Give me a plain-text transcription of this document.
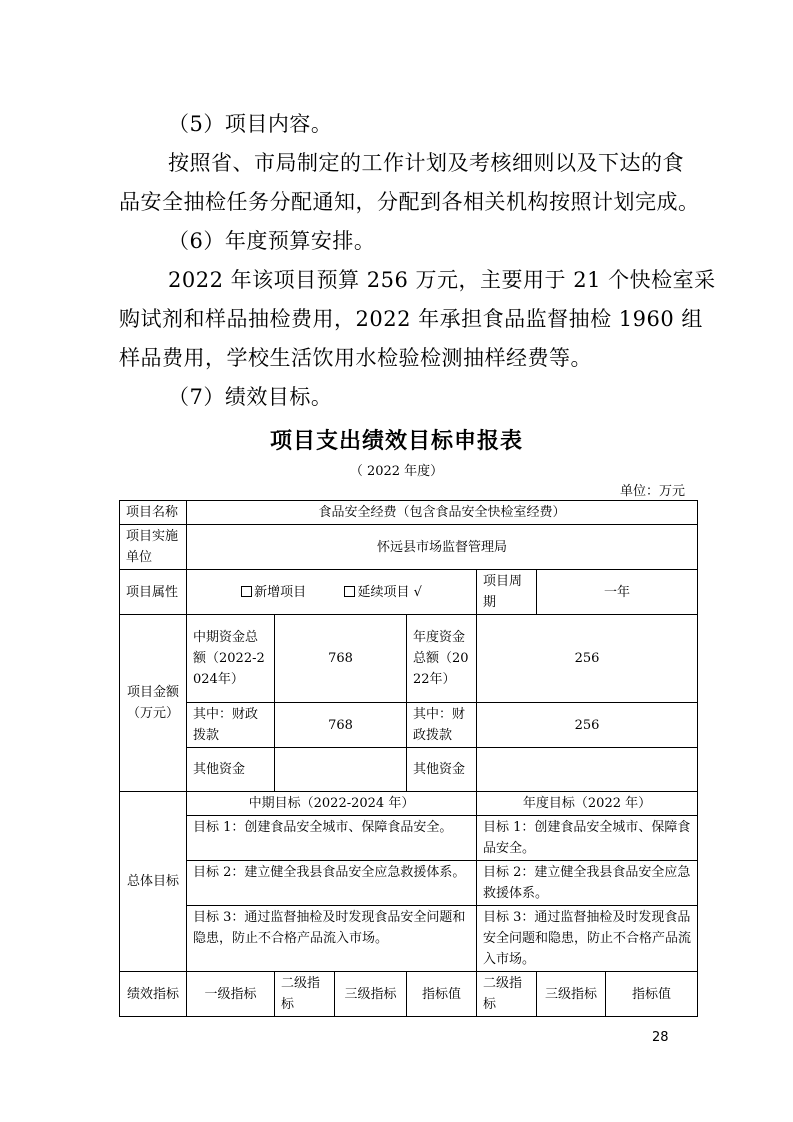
（5）项目内容。
按照省、市局制定的工作计划及考核细则以及下达的食
品安全抽检任务分配通知，分配到各相关机构按照计划完成。
（6）年度预算安排。
2022 年该项目预算 256 万元，主要用于 21 个快检室采
购试剂和样品抽检费用，2022 年承担食品监督抽检 1960 组
样品费用，学校生活饮用水检验检测抽样经费等。
（7）绩效目标。
项目支出绩效目标申报表
（ 2022 年度）
单位：万元
项目名称	食品安全经费（包含食品安全快检室经费）						
项目实施单位	怀远县市场监督管理局						
项目属性	新增项目 延续项目 √				项目周期	一年	
项目金额（万元）	中期资金总额（2022-2024年）	768		年度资金总额（2022年）	256		
	其中：财政拨款	768		其中：财政拨款	256		
	其他资金			其他资金			
总体目标	中期目标（2022-2024 年）				年度目标（2022 年）		
	目标 1：创建食品安全城市、保障食品安全。				目标 1：创建食品安全城市、保障食品安全。		
	目标 2：建立健全我县食品安全应急救援体系。				目标 2：建立健全我县食品安全应急救援体系。		
	目标 3：通过监督抽检及时发现食品安全问题和隐患，防止不合格产品流入市场。				目标 3：通过监督抽检及时发现食品安全问题和隐患，防止不合格产品流入市场。		
绩效指标	一级指标	二级指标	三级指标	指标值	二级指标	三级指标	指标值
28
